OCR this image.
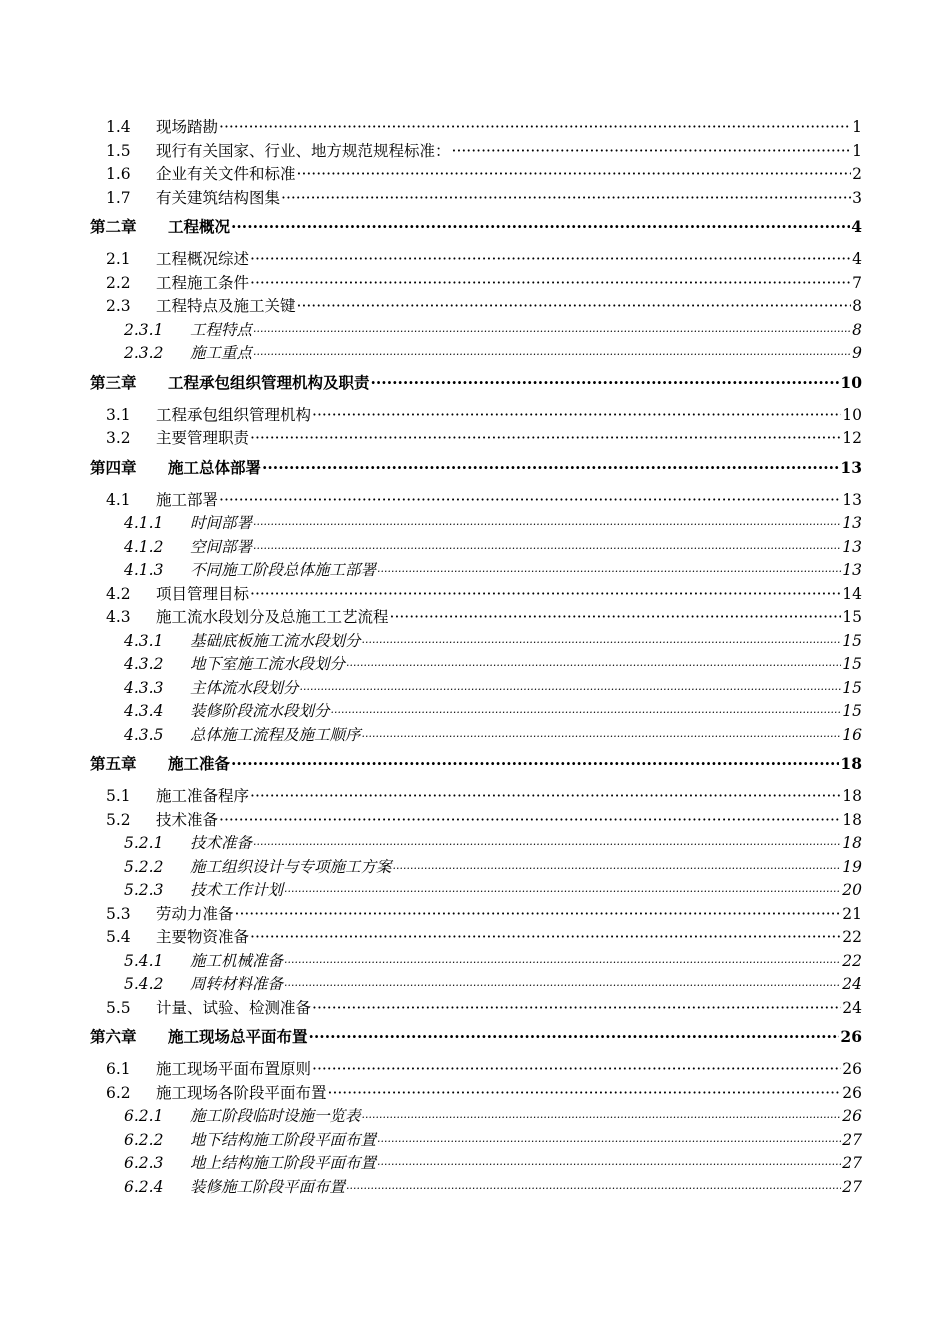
1.4	现场踏勘 ·····	1
1.5	现行有关国家、行业、地方规范规程标准： ·····	1
1.6	企业有关文件和标准 ·····	2
1.7	有关建筑结构图集 ·····	3
第二章	工程概况 ·····	4
2.1	工程概况综述 ·····	4
2.2	工程施工条件 ·····	7
2.3	工程特点及施工关键 ·····	8
2.3.1	工程特点 ·····	8
2.3.2	施工重点 ·····	9
第三章	工程承包组织管理机构及职责 ·····	10
3.1	工程承包组织管理机构 ·····	10
3.2	主要管理职责 ·····	12
第四章	施工总体部署 ·····	13
4.1	施工部署 ·····	13
4.1.1	时间部署 ·····	13
4.1.2	空间部署 ·····	13
4.1.3	不同施工阶段总体施工部署 ·····	13
4.2	项目管理目标 ·····	14
4.3	施工流水段划分及总施工工艺流程 ·····	15
4.3.1	基础底板施工流水段划分 ·····	15
4.3.2	地下室施工流水段划分 ·····	15
4.3.3	主体流水段划分 ·····	15
4.3.4	装修阶段流水段划分 ·····	15
4.3.5	总体施工流程及施工顺序 ·····	16
第五章	施工准备 ·····	18
5.1	施工准备程序 ·····	18
5.2	技术准备 ·····	18
5.2.1	技术准备 ·····	18
5.2.2	施工组织设计与专项施工方案 ·····	19
5.2.3	技术工作计划 ·····	20
5.3	劳动力准备 ·····	21
5.4	主要物资准备 ·····	22
5.4.1	施工机械准备 ·····	22
5.4.2	周转材料准备 ·····	24
5.5	计量、试验、检测准备 ·····	24
第六章	施工现场总平面布置 ·····	26
6.1	施工现场平面布置原则 ·····	26
6.2	施工现场各阶段平面布置 ·····	26
6.2.1	施工阶段临时设施一览表 ·····	26
6.2.2	地下结构施工阶段平面布置 ·····	27
6.2.3	地上结构施工阶段平面布置 ·····	27
6.2.4	装修施工阶段平面布置 ·····	27
